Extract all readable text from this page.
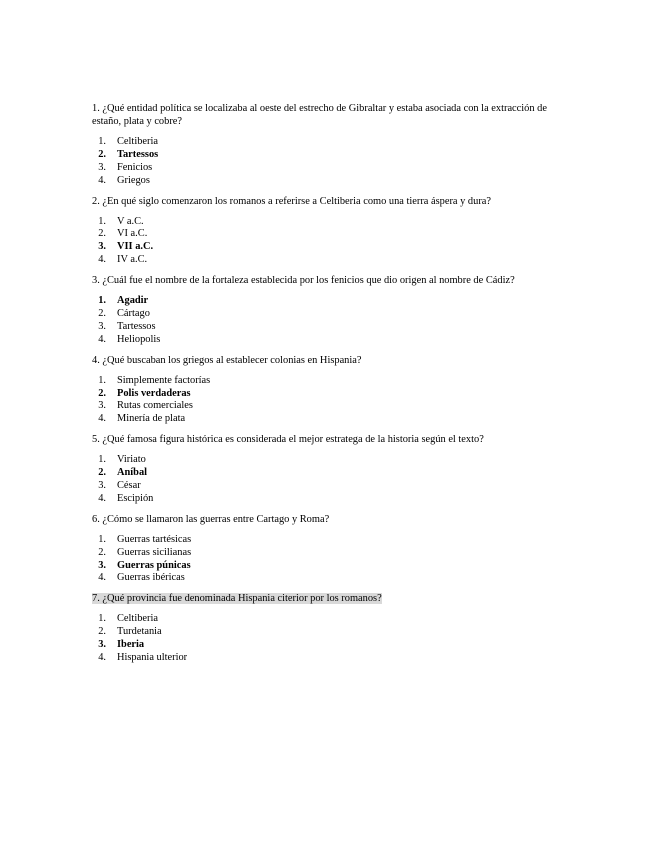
1. ¿Qué entidad política se localizaba al oeste del estrecho de Gibraltar y estaba asociada con la extracción de estaño, plata y cobre?

1.	Celtiberia
2.	Tartessos
3.	Fenicios
4.	Griegos

2. ¿En qué siglo comenzaron los romanos a referirse a Celtiberia como una tierra áspera y dura?

1.	V a.C.
2.	VI a.C.
3.	VII a.C.
4.	IV a.C.

3. ¿Cuál fue el nombre de la fortaleza establecida por los fenicios que dio origen al nombre de Cádiz?

1.	Agadir
2.	Cártago
3.	Tartessos
4.	Heliopolis

4. ¿Qué buscaban los griegos al establecer colonias en Hispania?

1.	Simplemente factorías
2.	Polis verdaderas
3.	Rutas comerciales
4.	Minería de plata

5. ¿Qué famosa figura histórica es considerada el mejor estratega de la historia según el texto?

1.	Viriato
2.	Aníbal
3.	César
4.	Escipión

6. ¿Cómo se llamaron las guerras entre Cartago y Roma?

1.	Guerras tartésicas
2.	Guerras sicilianas
3.	Guerras púnicas
4.	Guerras ibéricas

7. ¿Qué provincia fue denominada Hispania citerior por los romanos?

1.	Celtiberia
2.	Turdetania
3.	Iberia
4.	Hispania ulterior
